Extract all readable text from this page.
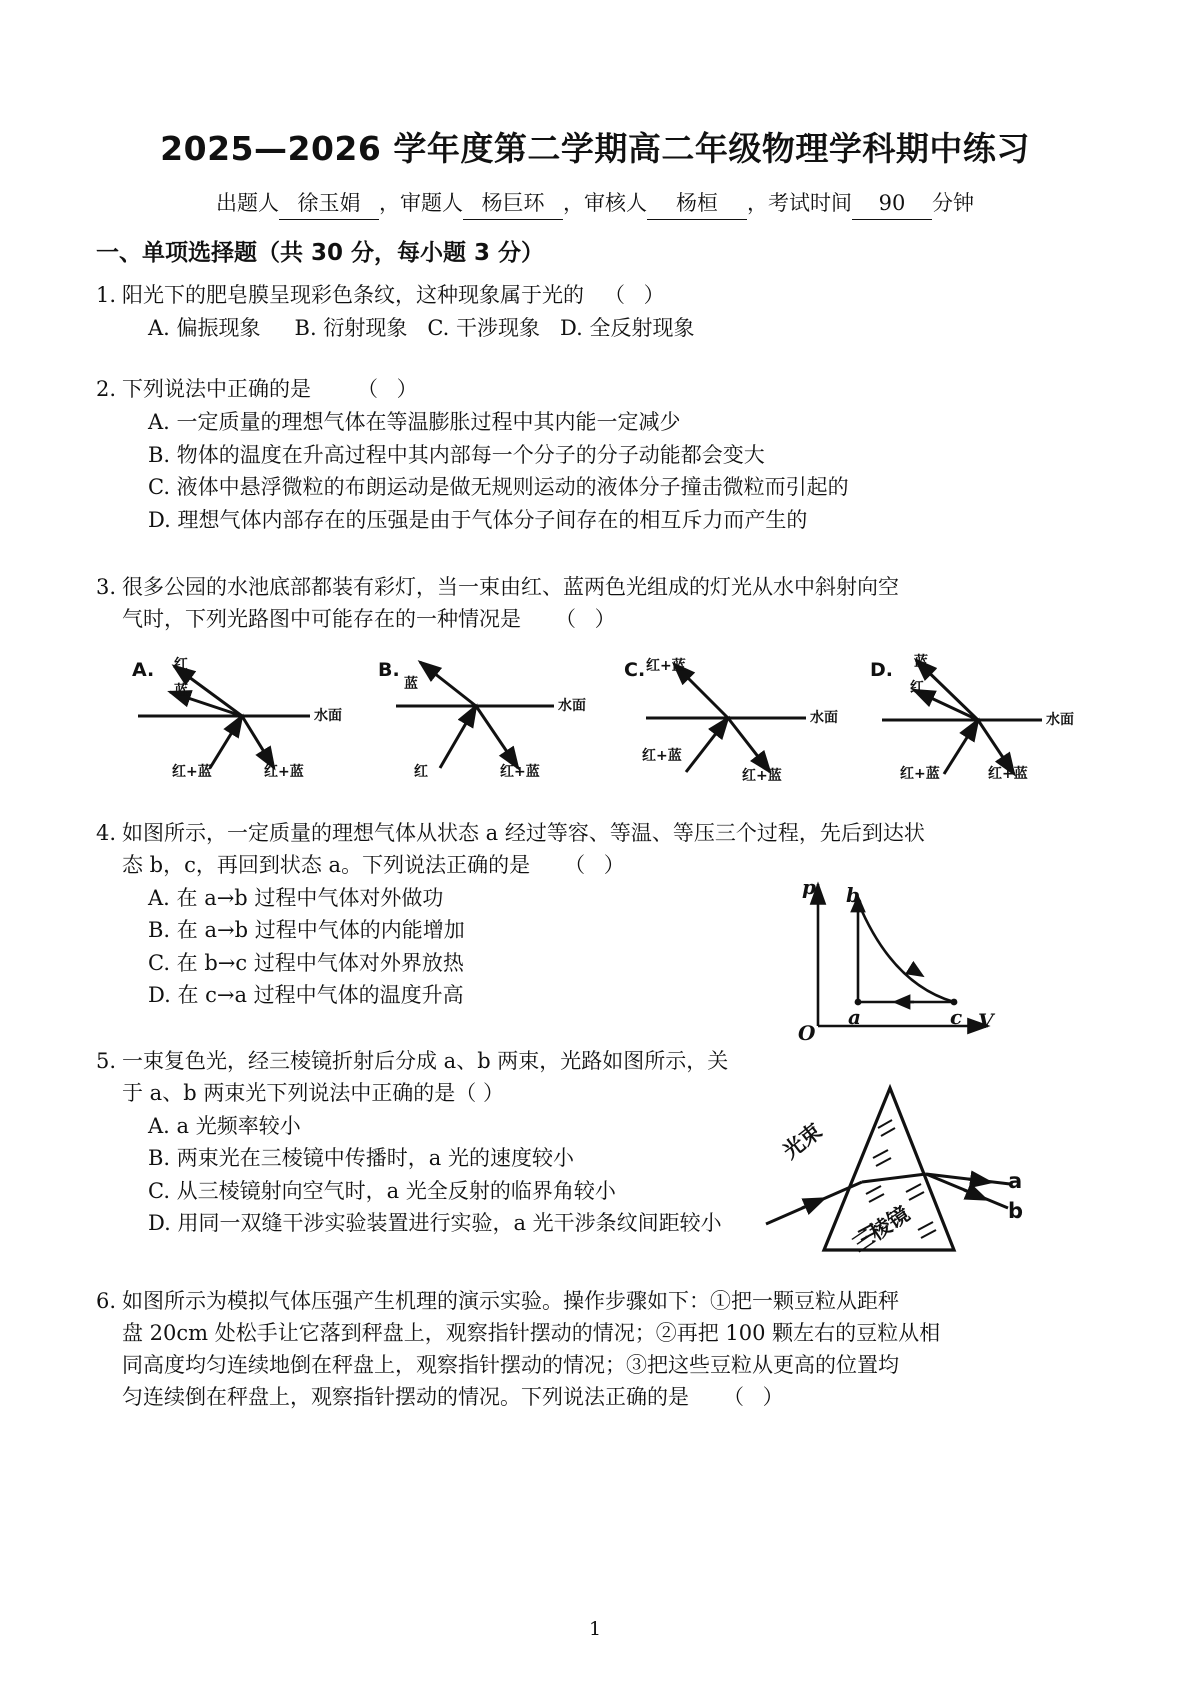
2025—2026 学年度第二学期高二年级物理学科期中练习
出题人 徐玉娟 ，审题人 杨巨环 ，审核人 杨桓 ，考试时间 90 分钟
一、单项选择题（共 30 分，每小题 3 分）
1. 阳光下的肥皂膜呈现彩色条纹，这种现象属于光的 （ ）
A. 偏振现象 B. 衍射现象 C. 干涉现象 D. 全反射现象
2. 下列说法中正确的是 （ ）
A. 一定质量的理想气体在等温膨胀过程中其内能一定减少
B. 物体的温度在升高过程中其内部每一个分子的分子动能都会变大
C. 液体中悬浮微粒的布朗运动是做无规则运动的液体分子撞击微粒而引起的
D. 理想气体内部存在的压强是由于气体分子间存在的相互斥力而产生的
3. 很多公园的水池底部都装有彩灯，当一束由红、蓝两色光组成的灯光从水中斜射向空
气时，下列光路图中可能存在的一种情况是 （ ）
A. 红
蓝
水面
红+蓝	红+蓝
B.
蓝
水面
红	红+蓝
C. 红+蓝
水面
红+蓝
红+蓝
D. 蓝
红
水面
红+蓝	红+蓝
4. 如图所示，一定质量的理想气体从状态 a 经过等容、等温、等压三个过程，先后到达状
态 b，c，再回到状态 a。下列说法正确的是 （ ）
A. 在 a→b 过程中气体对外做功
B. 在 a→b 过程中气体的内能增加
C. 在 b→c 过程中气体对外界放热
D. 在 c→a 过程中气体的温度升高
p
V
O
b
a	c
5. 一束复色光，经三棱镜折射后分成 a、b 两束，光路如图所示，关
于 a、b 两束光下列说法中正确的是（ ）
A. a 光频率较小
B. 两束光在三棱镜中传播时，a 光的速度较小
C. 从三棱镜射向空气时，a 光全反射的临界角较小
D. 用同一双缝干涉实验装置进行实验，a 光干涉条纹间距较小
光束
三棱镜
a
b
6. 如图所示为模拟气体压强产生机理的演示实验。操作步骤如下：①把一颗豆粒从距秤
盘 20cm 处松手让它落到秤盘上，观察指针摆动的情况；②再把 100 颗左右的豆粒从相
同高度均匀连续地倒在秤盘上，观察指针摆动的情况；③把这些豆粒从更高的位置均
匀连续倒在秤盘上，观察指针摆动的情况。下列说法正确的是 （ ）
1
